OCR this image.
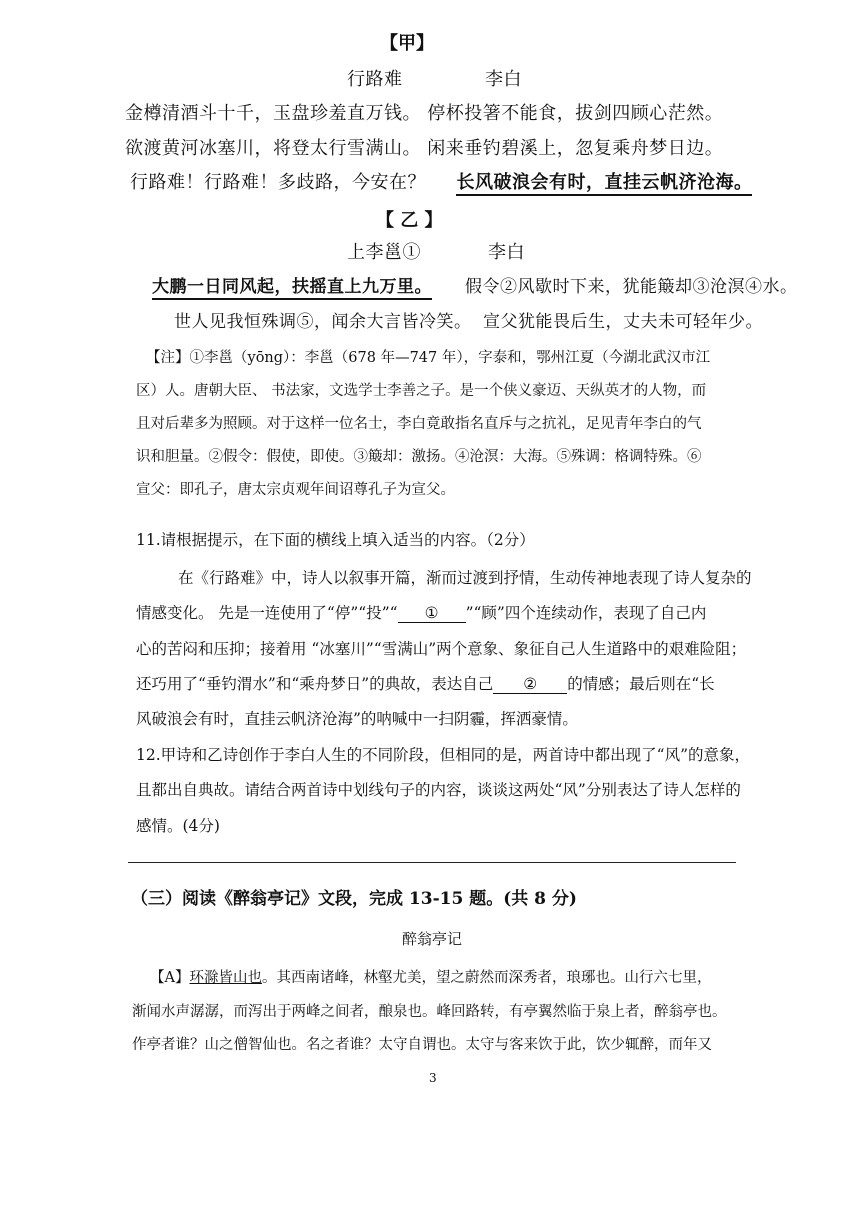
【甲】
行路难	李白
金樽清酒斗十千，玉盘珍羞直万钱。 停杯投箸不能食，拔剑四顾心茫然。
欲渡黄河冰塞川，将登太行雪满山。 闲来垂钓碧溪上，忽复乘舟梦日边。
行路难！行路难！多歧路，今安在？ 长风破浪会有时，直挂云帆济沧海。
【 乙 】
上李邕①	李白
大鹏一日同风起，扶摇直上九万里。 假令②风歇时下来，犹能簸却③沧溟④水。
世人见我恒殊调⑤，闻余大言皆冷笑。 宣父犹能畏后生，丈夫未可轻年少。
【注】①李邕（yōng）：李邕（678 年—747 年），字泰和，鄂州江夏（今湖北武汉市江
区）人。唐朝大臣、 书法家，文选学士李善之子。是一个侠义豪迈、天纵英才的人物，而
且对后辈多为照顾。对于这样一位名士，李白竟敢指名直斥与之抗礼，足见青年李白的气
识和胆量。②假令：假使，即使。③簸却：激扬。④沧溟：大海。⑤殊调：格调特殊。⑥
宣父：即孔子，唐太宗贞观年间诏尊孔子为宣父。
11.请根据提示，在下面的横线上填入适当的内容。（2分）
在《行路难》中，诗人以叙事开篇，渐而过渡到抒情，生动传神地表现了诗人复杂的
情感变化。 先是一连使用了“停”“投”“ ① ”“顾”四个连续动作，表现了自己内
心的苦闷和压抑；接着用 “冰塞川”“雪满山”两个意象、象征自己人生道路中的艰难险阻；
还巧用了“垂钓渭水”和“乘舟梦日”的典故，表达自己 ② 的情感；最后则在“长
风破浪会有时，直挂云帆济沧海”的呐喊中一扫阴霾，挥洒豪情。
12.甲诗和乙诗创作于李白人生的不同阶段，但相同的是，两首诗中都出现了“风”的意象，
且都出自典故。请结合两首诗中划线句子的内容，谈谈这两处“风”分别表达了诗人怎样的
感情。(4分)
（三）阅读《醉翁亭记》文段，完成 13-15 题。(共 8 分)
醉翁亭记
【A】环滁皆山也。其西南诸峰，林壑尤美，望之蔚然而深秀者，琅琊也。山行六七里，
渐闻水声潺潺，而泻出于两峰之间者，酿泉也。峰回路转，有亭翼然临于泉上者，醉翁亭也。
作亭者谁？山之僧智仙也。名之者谁？太守自谓也。太守与客来饮于此，饮少辄醉，而年又
3
